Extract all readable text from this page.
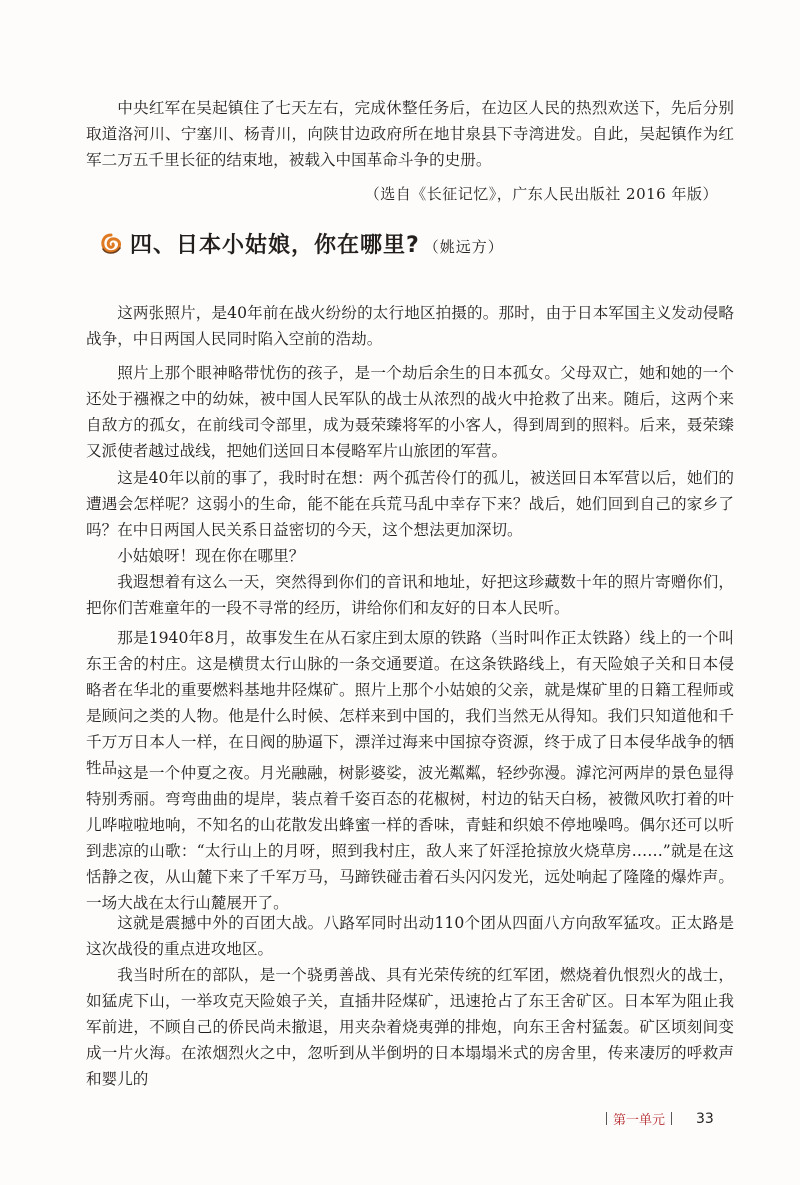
中央红军在吴起镇住了七天左右，完成休整任务后，在边区人民的热烈欢送下，先后分别取道洛河川、宁塞川、杨青川，向陕甘边政府所在地甘泉县下寺湾进发。自此，吴起镇作为红军二万五千里长征的结束地，被载入中国革命斗争的史册。

（选自《长征记忆》，广东人民出版社 2016 年版）
四、日本小姑娘，你在哪里? （姚远方）

这两张照片，是40年前在战火纷纷的太行地区拍摄的。那时，由于日本军国主义发动侵略战争，中日两国人民同时陷入空前的浩劫。

照片上那个眼神略带忧伤的孩子，是一个劫后余生的日本孤女。父母双亡，她和她的一个还处于襁褓之中的幼妹，被中国人民军队的战士从浓烈的战火中抢救了出来。随后，这两个来自敌方的孤女，在前线司令部里，成为聂荣臻将军的小客人，得到周到的照料。后来，聂荣臻又派使者越过战线，把她们送回日本侵略军片山旅团的军营。

这是40年以前的事了，我时时在想：两个孤苦伶仃的孤儿，被送回日本军营以后，她们的遭遇会怎样呢？这弱小的生命，能不能在兵荒马乱中幸存下来？战后，她们回到自己的家乡了吗？在中日两国人民关系日益密切的今天，这个想法更加深切。

小姑娘呀！现在你在哪里？

我遐想着有这么一天，突然得到你们的音讯和地址，好把这珍藏数十年的照片寄赠你们，把你们苦难童年的一段不寻常的经历，讲给你们和友好的日本人民听。

那是1940年8月，故事发生在从石家庄到太原的铁路（当时叫作正太铁路）线上的一个叫东王舍的村庄。这是横贯太行山脉的一条交通要道。在这条铁路线上，有天险娘子关和日本侵略者在华北的重要燃料基地井陉煤矿。照片上那个小姑娘的父亲，就是煤矿里的日籍工程师或是顾问之类的人物。他是什么时候、怎样来到中国的，我们当然无从得知。我们只知道他和千千万万日本人一样，在日阀的胁逼下，漂洋过海来中国掠夺资源，终于成了日本侵华战争的牺牲品。

这是一个仲夏之夜。月光融融，树影婆娑，波光粼粼，轻纱弥漫。滹沱河两岸的景色显得特别秀丽。弯弯曲曲的堤岸，装点着千姿百态的花椒树，村边的钻天白杨，被微风吹打着的叶儿哗啦啦地响，不知名的山花散发出蜂蜜一样的香味，青蛙和织娘不停地噪鸣。偶尔还可以听到悲凉的山歌：“太行山上的月呀，照到我村庄，敌人来了奸淫抢掠放火烧草房……”就是在这恬静之夜，从山麓下来了千军万马，马蹄铁碰击着石头闪闪发光，远处响起了隆隆的爆炸声。一场大战在太行山麓展开了。

这就是震撼中外的百团大战。八路军同时出动110个团从四面八方向敌军猛攻。正太路是这次战役的重点进攻地区。

我当时所在的部队，是一个骁勇善战、具有光荣传统的红军团，燃烧着仇恨烈火的战士，如猛虎下山，一举攻克天险娘子关，直插井陉煤矿，迅速抢占了东王舍矿区。日本军为阻止我军前进，不顾自己的侨民尚未撤退，用夹杂着烧夷弹的排炮，向东王舍村猛轰。矿区顷刻间变成一片火海。在浓烟烈火之中，忽听到从半倒坍的日本塌塌米式的房舍里，传来凄厉的呼救声和婴儿的

第一单元 33
